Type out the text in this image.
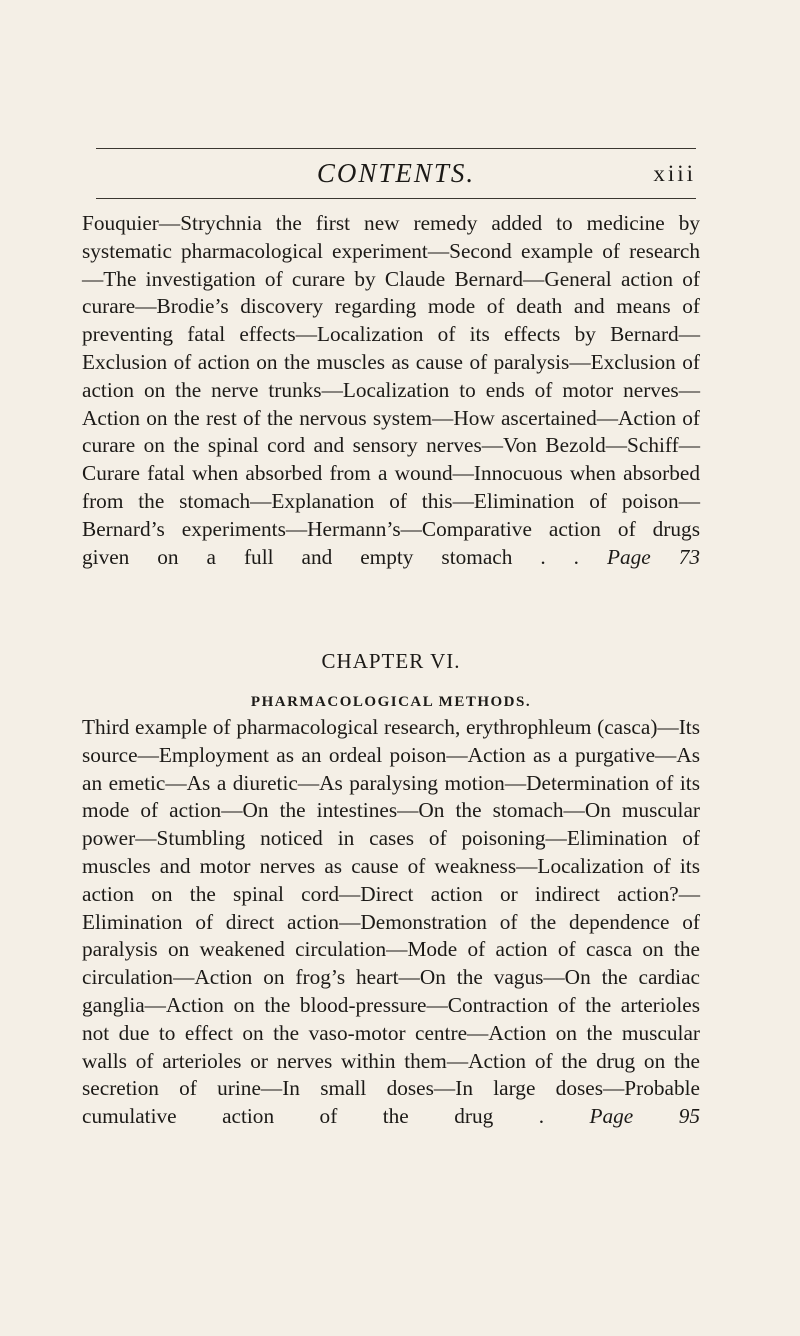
CONTENTS.	xiii

Fouquier—Strychnia the first new remedy added to medicine by systematic pharmacological experiment—Second example of research—The investigation of curare by Claude Bernard—General action of curare—Brodie’s discovery regarding mode of death and means of preventing fatal effects—Localization of its effects by Bernard—Exclusion of action on the muscles as cause of paralysis—Exclusion of action on the nerve trunks—Localization to ends of motor nerves—Action on the rest of the nervous system—How ascertained—Action of curare on the spinal cord and sensory nerves—Von Bezold—Schiff—Curare fatal when absorbed from a wound—Innocuous when absorbed from the stomach—Explanation of this—Elimination of poison—Bernard’s experiments—Hermann’s—Comparative action of drugs given on a full and empty stomach . . Page 73

CHAPTER VI.
PHARMACOLOGICAL METHODS.

Third example of pharmacological research, erythrophleum (casca)—Its source—Employment as an ordeal poison—Action as a purgative—As an emetic—As a diuretic—As paralysing motion—Determination of its mode of action—On the intestines—On the stomach—On muscular power—Stumbling noticed in cases of poisoning—Elimination of muscles and motor nerves as cause of weakness—Localization of its action on the spinal cord—Direct action or indirect action?—Elimination of direct action—Demonstration of the dependence of paralysis on weakened circulation—Mode of action of casca on the circulation—Action on frog’s heart—On the vagus—On the cardiac ganglia—Action on the blood-pressure—Contraction of the arterioles not due to effect on the vaso-motor centre—Action on the muscular walls of arterioles or nerves within them—Action of the drug on the secretion of urine—In small doses—In large doses—Probable cumulative action of the drug . Page 95
